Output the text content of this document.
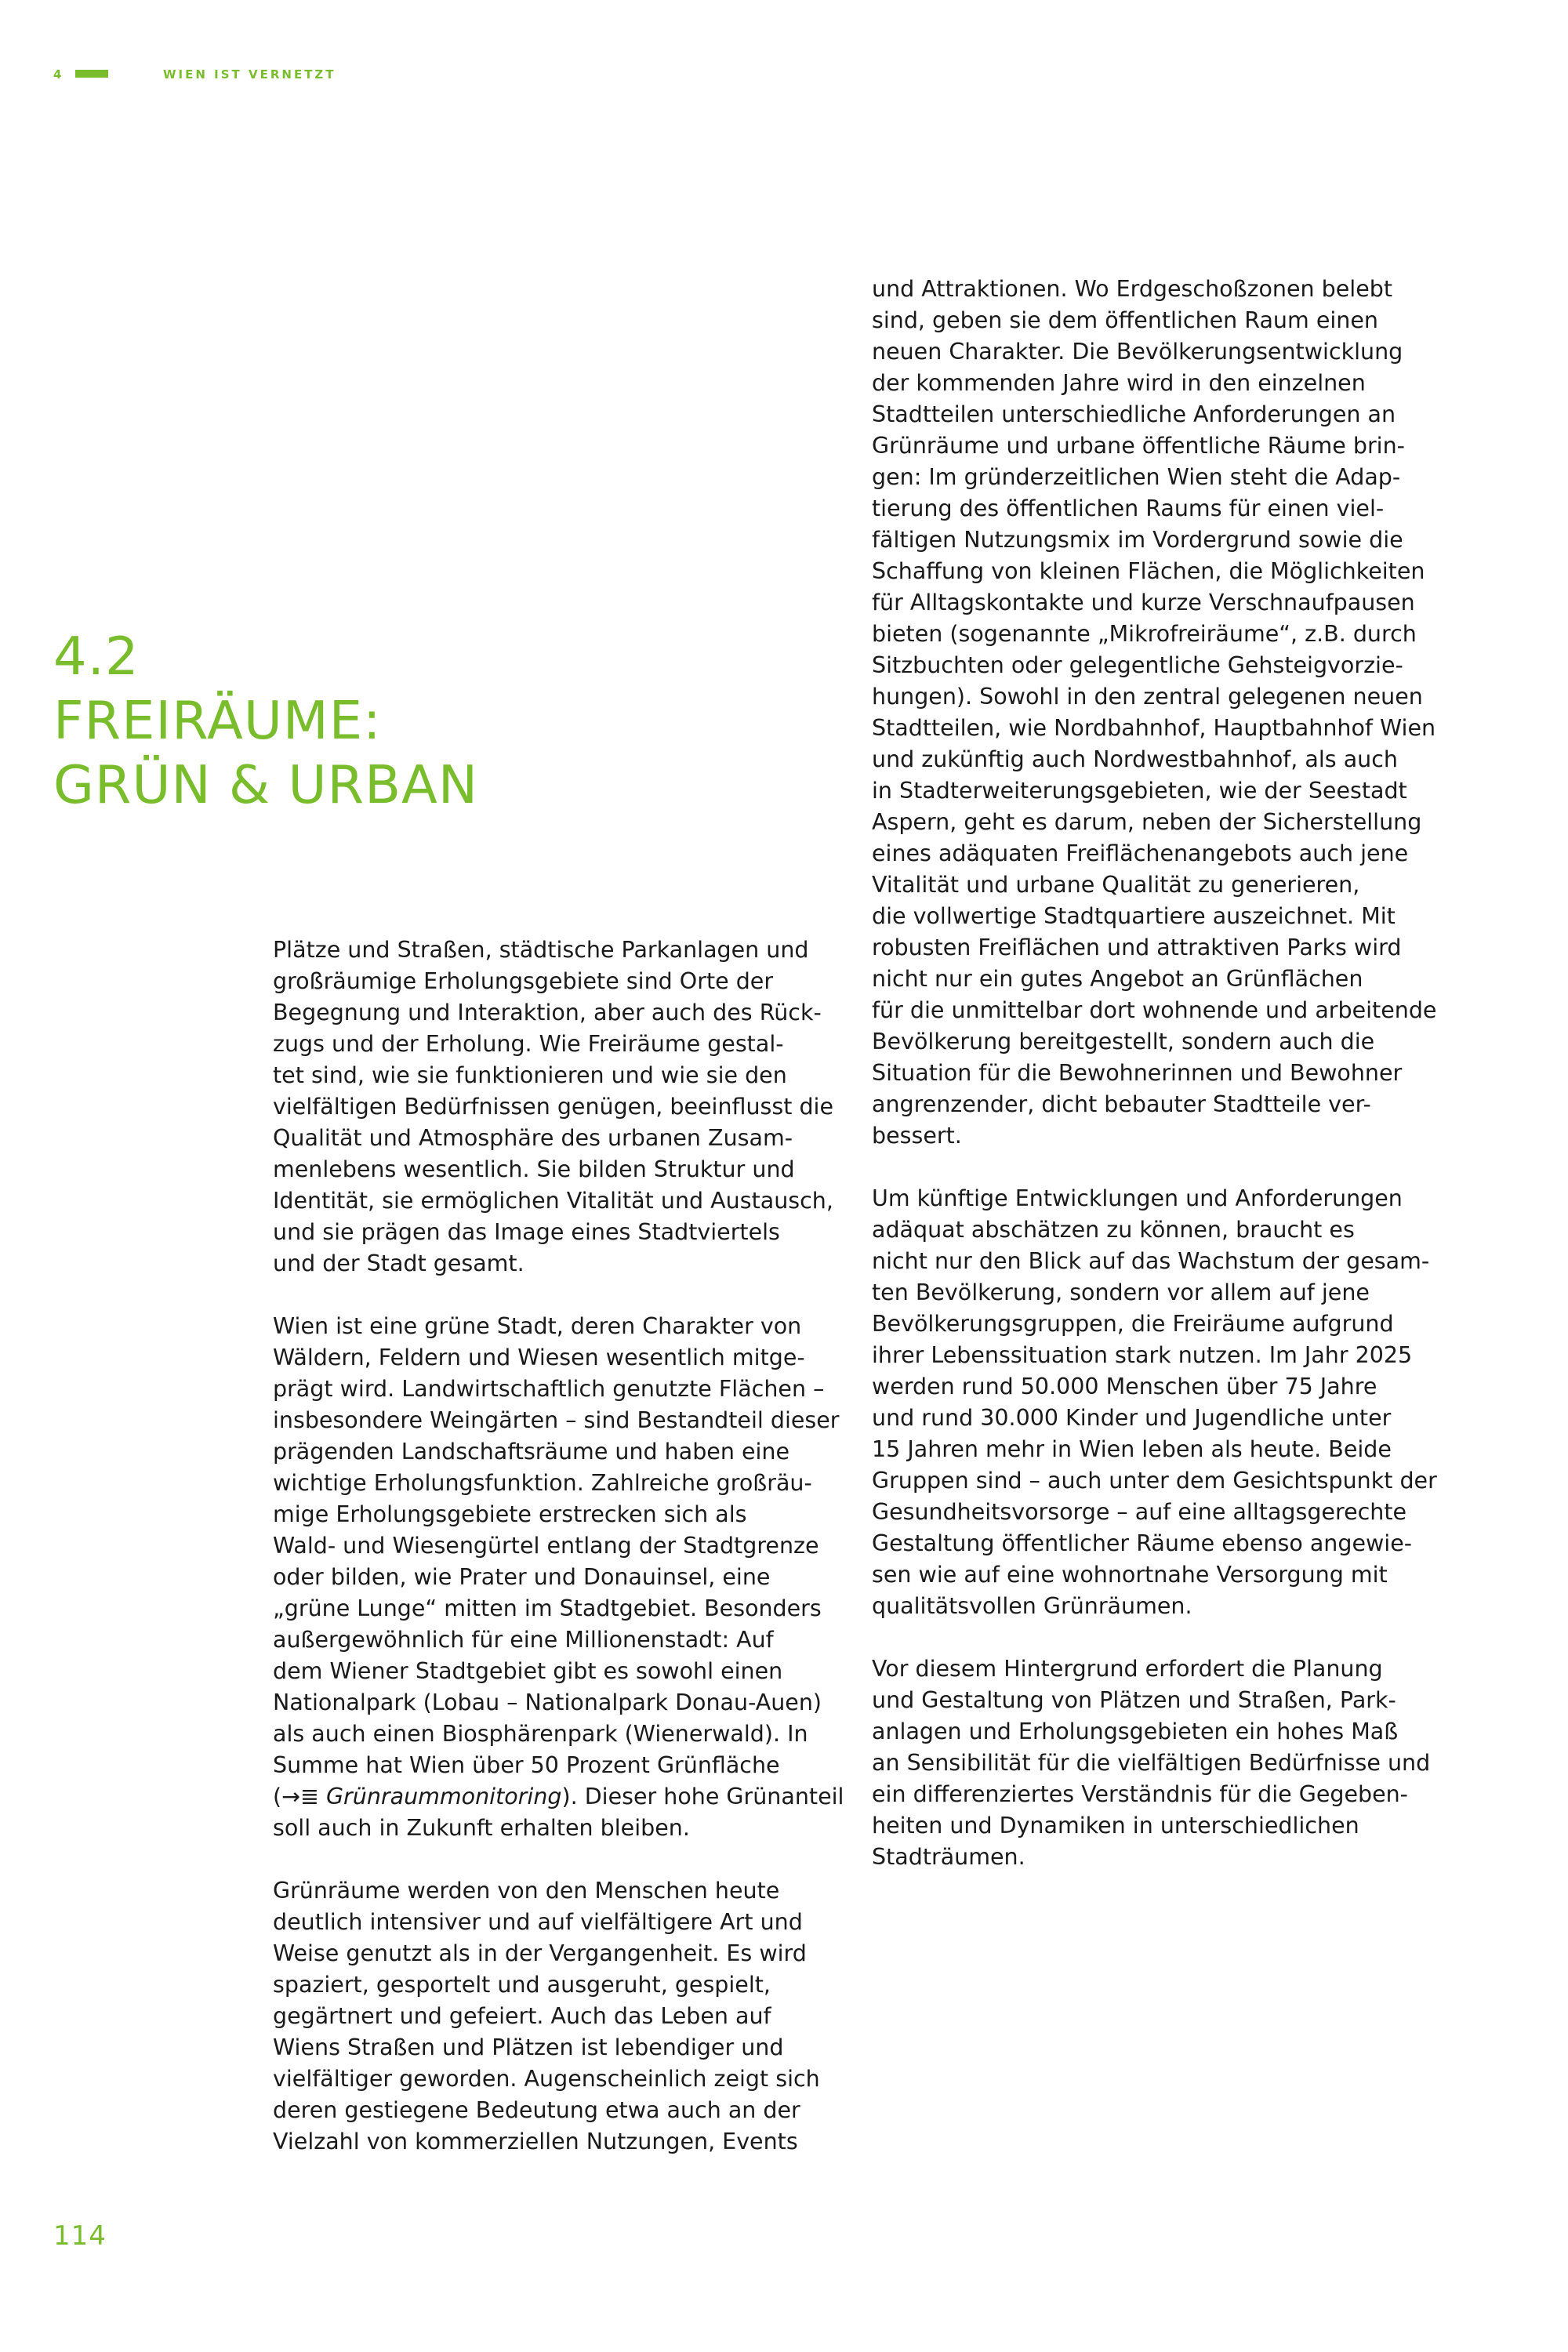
4	WIEN IST VERNETZT
4.2
FREIRÄUME:
GRÜN & URBAN

Plätze und Straßen, städtische Parkanlagen und
großräumige Erholungsgebiete sind Orte der
Begegnung und Interaktion, aber auch des Rück-
zugs und der Erholung. Wie Freiräume gestal-
tet sind, wie sie funktionieren und wie sie den
vielfältigen Bedürfnissen genügen, beeinflusst die
Qualität und Atmosphäre des urbanen Zusam-
menlebens wesentlich. Sie bilden Struktur und
Identität, sie ermöglichen Vitalität und Austausch,
und sie prägen das Image eines Stadtviertels
und der Stadt gesamt.

Wien ist eine grüne Stadt, deren Charakter von
Wäldern, Feldern und Wiesen wesentlich mitge-
prägt wird. Landwirtschaftlich genutzte Flächen –
insbesondere Weingärten – sind Bestandteil dieser
prägenden Landschaftsräume und haben eine
wichtige Erholungsfunktion. Zahlreiche großräu-
mige Erholungsgebiete erstrecken sich als
Wald- und Wiesengürtel entlang der Stadtgrenze
oder bilden, wie Prater und Donauinsel, eine
„grüne Lunge“ mitten im Stadtgebiet. Besonders
außergewöhnlich für eine Millionenstadt: Auf
dem Wiener Stadtgebiet gibt es sowohl einen
Nationalpark (Lobau – Nationalpark Donau-Auen)
als auch einen Biosphärenpark (Wienerwald). In
Summe hat Wien über 50 Prozent Grünfläche
(→≣ Grünraummonitoring). Dieser hohe Grünanteil
soll auch in Zukunft erhalten bleiben.

Grünräume werden von den Menschen heute
deutlich intensiver und auf vielfältigere Art und
Weise genutzt als in der Vergangenheit. Es wird
spaziert, gesportelt und ausgeruht, gespielt,
gegärtnert und gefeiert. Auch das Leben auf
Wiens Straßen und Plätzen ist lebendiger und
vielfältiger geworden. Augenscheinlich zeigt sich
deren gestiegene Bedeutung etwa auch an der
Vielzahl von kommerziellen Nutzungen, Events

und Attraktionen. Wo Erdgeschoßzonen belebt
sind, geben sie dem öffentlichen Raum einen
neuen Charakter. Die Bevölkerungsentwicklung
der kommenden Jahre wird in den einzelnen
Stadtteilen unterschiedliche Anforderungen an
Grünräume und urbane öffentliche Räume brin-
gen: Im gründerzeitlichen Wien steht die Adap-
tierung des öffentlichen Raums für einen viel-
fältigen Nutzungsmix im Vordergrund sowie die
Schaffung von kleinen Flächen, die Möglichkeiten
für Alltagskontakte und kurze Verschnaufpausen
bieten (sogenannte „Mikrofreiräume“, z.B. durch
Sitzbuchten oder gelegentliche Gehsteigvorzie-
hungen). Sowohl in den zentral gelegenen neuen
Stadtteilen, wie Nordbahnhof, Hauptbahnhof Wien
und zukünftig auch Nordwestbahnhof, als auch
in Stadterweiterungsgebieten, wie der Seestadt
Aspern, geht es darum, neben der Sicherstellung
eines adäquaten Freiflächenangebots auch jene
Vitalität und urbane Qualität zu generieren,
die vollwertige Stadtquartiere auszeichnet. Mit
robusten Freiflächen und attraktiven Parks wird
nicht nur ein gutes Angebot an Grünflächen
für die unmittelbar dort wohnende und arbeitende
Bevölkerung bereitgestellt, sondern auch die
Situation für die Bewohnerinnen und Bewohner
angrenzender, dicht bebauter Stadtteile ver-
bessert.

Um künftige Entwicklungen und Anforderungen
adäquat abschätzen zu können, braucht es
nicht nur den Blick auf das Wachstum der gesam-
ten Bevölkerung, sondern vor allem auf jene
Bevölkerungsgruppen, die Freiräume aufgrund
ihrer Lebenssituation stark nutzen. Im Jahr 2025
werden rund 50.000 Menschen über 75 Jahre
und rund 30.000 Kinder und Jugendliche unter
15 Jahren mehr in Wien leben als heute. Beide
Gruppen sind – auch unter dem Gesichtspunkt der
Gesundheitsvorsorge – auf eine alltagsgerechte
Gestaltung öffentlicher Räume ebenso angewie-
sen wie auf eine wohnortnahe Versorgung mit
qualitätsvollen Grünräumen.

Vor diesem Hintergrund erfordert die Planung
und Gestaltung von Plätzen und Straßen, Park-
anlagen und Erholungsgebieten ein hohes Maß
an Sensibilität für die vielfältigen Bedürfnisse und
ein differenziertes Verständnis für die Gegeben-
heiten und Dynamiken in unterschiedlichen
Stadträumen.

114
